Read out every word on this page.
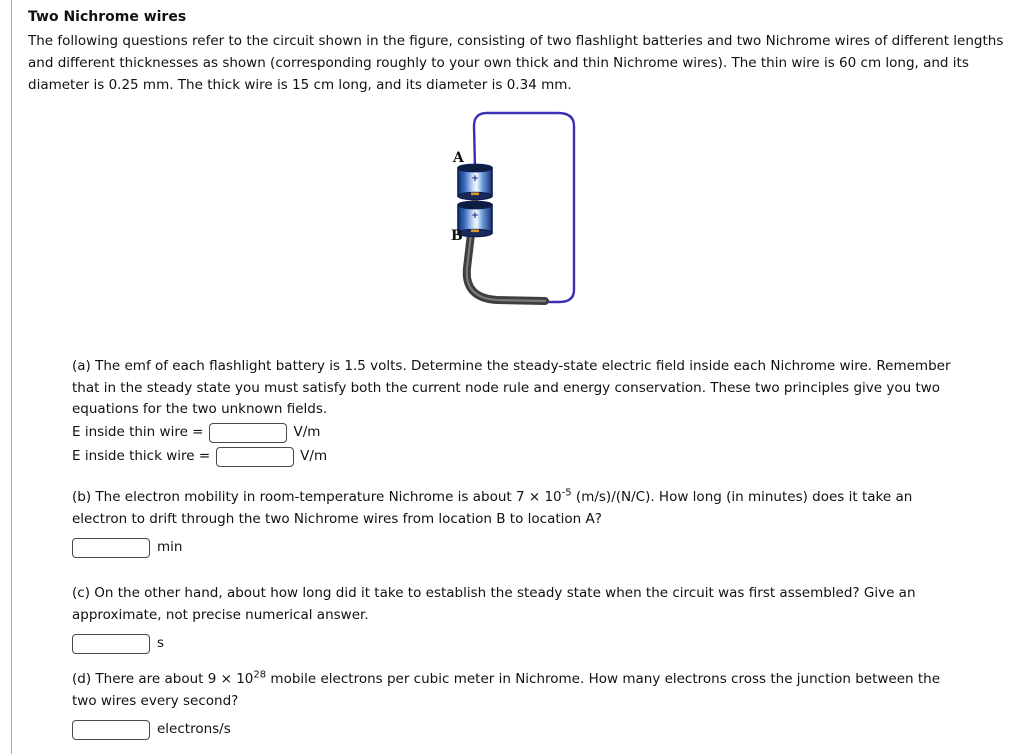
Two Nichrome wires
The following questions refer to the circuit shown in the figure, consisting of two flashlight batteries and two Nichrome wires of different lengths and different thicknesses as shown (corresponding roughly to your own thick and thin Nichrome wires). The thin wire is 60 cm long, and its diameter is 0.25 mm. The thick wire is 15 cm long, and its diameter is 0.34 mm.
+
+
A
B
(a) The emf of each flashlight battery is 1.5 volts. Determine the steady-state electric field inside each Nichrome wire. Remember that in the steady state you must satisfy both the current node rule and energy conservation. These two principles give you two equations for the two unknown fields.
E inside thin wire =	V/m
E inside thick wire =	V/m
(b) The electron mobility in room-temperature Nichrome is about $7 \times 10^{-5}$ (m/s)/(N/C). How long (in minutes) does it take an electron to drift through the two Nichrome wires from location B to location A?
min
(c) On the other hand, about how long did it take to establish the steady state when the circuit was first assembled? Give an approximate, not precise numerical answer.
s
(d) There are about $9 \times 10^{28}$ mobile electrons per cubic meter in Nichrome. How many electrons cross the junction between the two wires every second?
electrons/s
